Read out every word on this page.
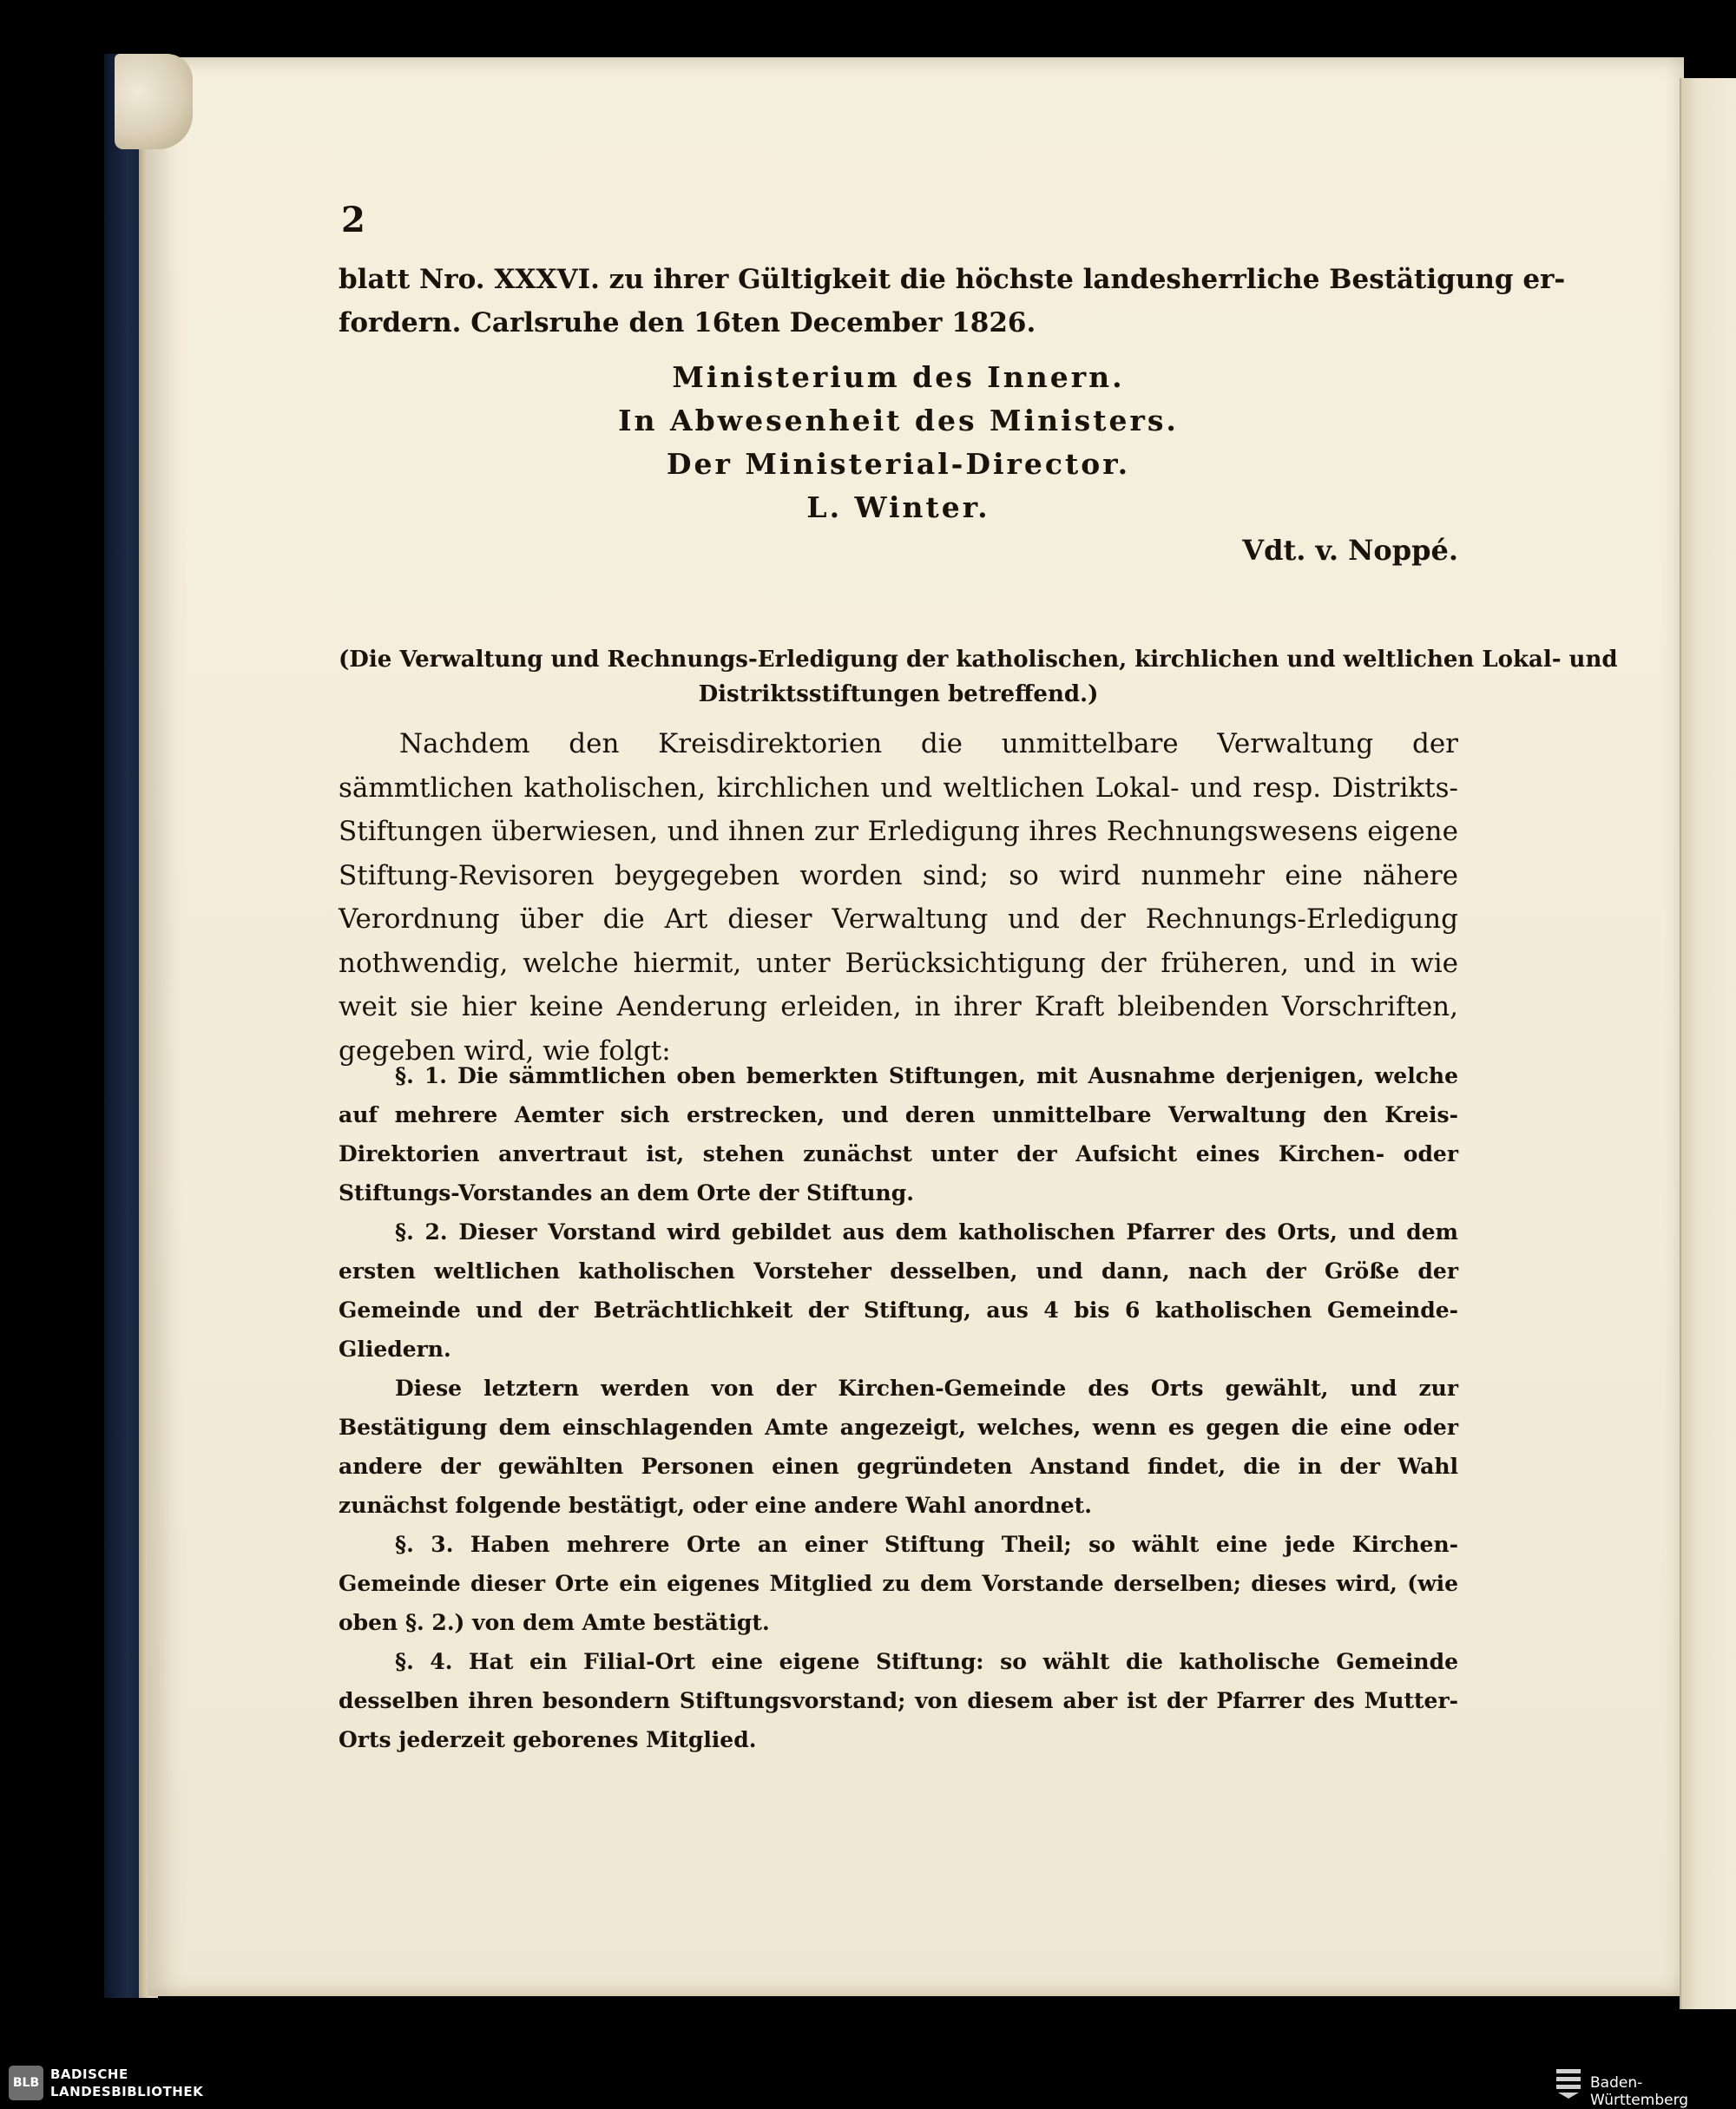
2
blatt Nro. XXXVI. zu ihrer Gültigkeit die höchste landesherrliche Bestätigung er-
fordern. Carlsruhe den 16ten December 1826.
Ministerium des Innern.
In Abwesenheit des Ministers.
Der Ministerial-Director.
L. Winter.
Vdt. v. Noppé.
(Die Verwaltung und Rechnungs-Erledigung der katholischen, kirchlichen und weltlichen Lokal- und
Distriktsstiftungen betreffend.)

Nachdem den Kreisdirektorien die unmittelbare Verwaltung der sämmtlichen katholischen, kirchlichen und weltlichen Lokal- und resp. Distrikts-Stiftungen überwiesen, und ihnen zur Erledigung ihres Rechnungswesens eigene Stiftung-Revisoren beygegeben worden sind; so wird nunmehr eine nähere Verordnung über die Art dieser Verwaltung und der Rechnungs-Erledigung nothwendig, welche hiermit, unter Berücksichtigung der früheren, und in wie weit sie hier keine Aenderung erleiden, in ihrer Kraft bleibenden Vorschriften, gegeben wird, wie folgt:

§. 1. Die sämmtlichen oben bemerkten Stiftungen, mit Ausnahme derjenigen, welche auf mehrere Aemter sich erstrecken, und deren unmittelbare Verwaltung den Kreis-Direktorien anvertraut ist, stehen zunächst unter der Aufsicht eines Kirchen- oder Stiftungs-Vorstandes an dem Orte der Stiftung.

§. 2. Dieser Vorstand wird gebildet aus dem katholischen Pfarrer des Orts, und dem ersten weltlichen katholischen Vorsteher desselben, und dann, nach der Größe der Gemeinde und der Beträchtlichkeit der Stiftung, aus 4 bis 6 katholischen Gemeinde-Gliedern.

Diese letztern werden von der Kirchen-Gemeinde des Orts gewählt, und zur Bestätigung dem einschlagenden Amte angezeigt, welches, wenn es gegen die eine oder andere der gewählten Personen einen gegründeten Anstand findet, die in der Wahl zunächst folgende bestätigt, oder eine andere Wahl anordnet.

§. 3. Haben mehrere Orte an einer Stiftung Theil; so wählt eine jede Kirchen-Gemeinde dieser Orte ein eigenes Mitglied zu dem Vorstande derselben; dieses wird, (wie oben §. 2.) von dem Amte bestätigt.

§. 4. Hat ein Filial-Ort eine eigene Stiftung: so wählt die katholische Gemeinde desselben ihren besondern Stiftungsvorstand; von diesem aber ist der Pfarrer des Mutter-Orts jederzeit geborenes Mitglied.

BLB
BADISCHE
LANDESBIBLIOTHEK	Baden-Württemberg
